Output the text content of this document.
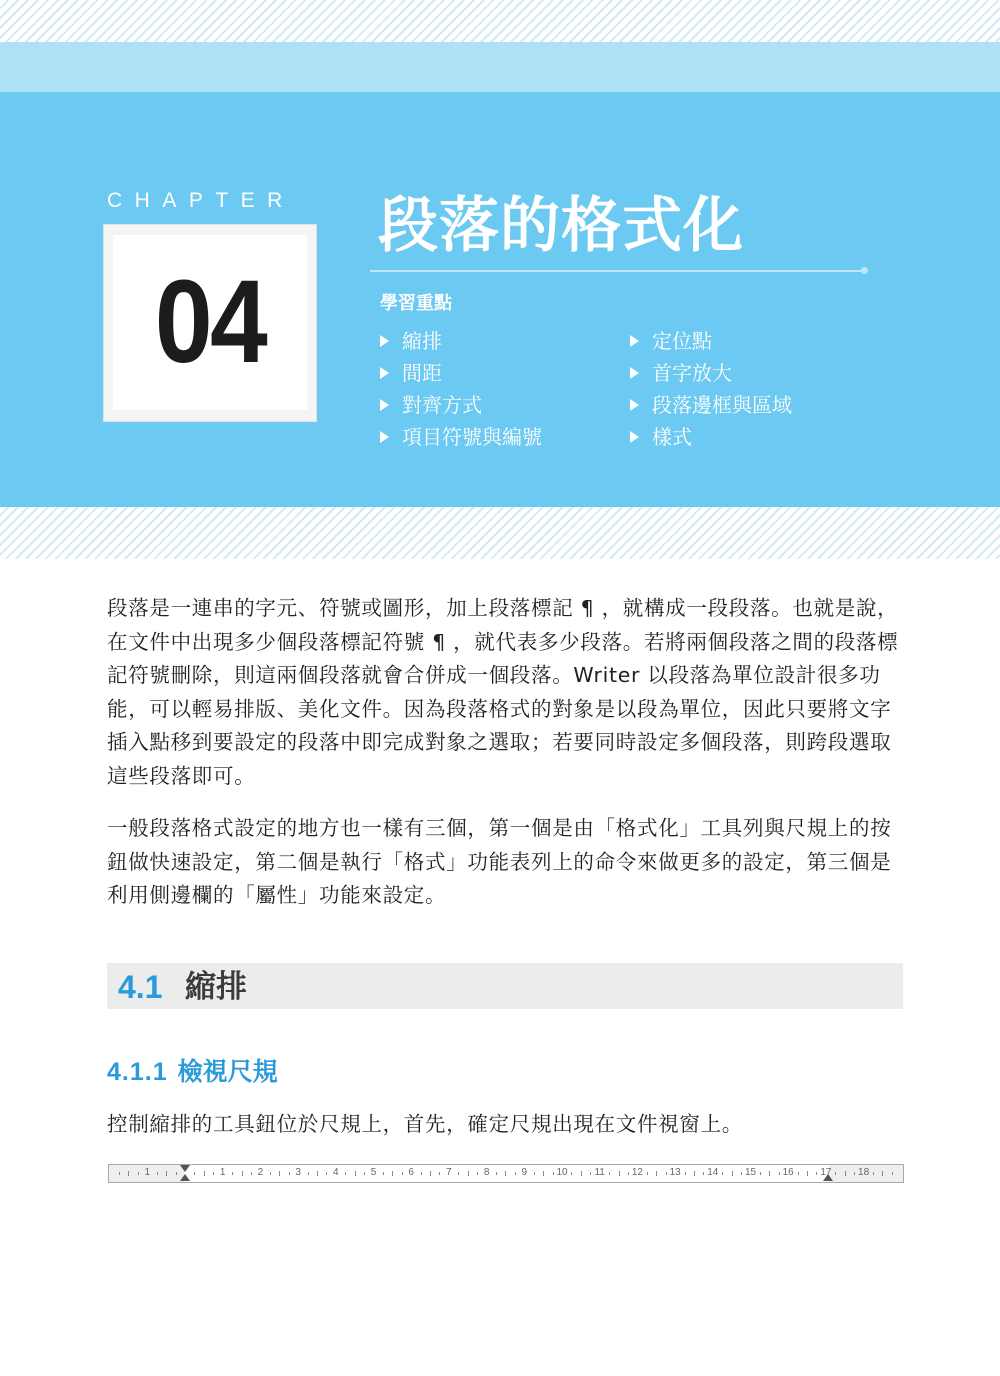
CHAPTER
04
段落的格式化
學習重點
縮排
間距
對齊方式
項目符號與編號
定位點
首字放大
段落邊框與區域
樣式

段落是一連串的字元、符號或圖形，加上段落標記 ¶ ，就構成一段段落。也就是說，在文件中出現多少個段落標記符號 ¶ ，就代表多少段落。若將兩個段落之間的段落標記符號刪除，則這兩個段落就會合併成一個段落。Writer 以段落為單位設計很多功能，可以輕易排版、美化文件。因為段落格式的對象是以段為單位，因此只要將文字插入點移到要設定的段落中即完成對象之選取；若要同時設定多個段落，則跨段選取這些段落即可。

一般段落格式設定的地方也一樣有三個，第一個是由「格式化」工具列與尺規上的按鈕做快速設定，第二個是執行「格式」功能表列上的命令來做更多的設定，第三個是利用側邊欄的「屬性」功能來設定。

4.1 縮排
4.1.1 檢視尺規

控制縮排的工具鈕位於尺規上，首先，確定尺規出現在文件視窗上。

1	1	2	3	4	5	6	7	8	9	10	11	12	13	14	15	16	17	18
